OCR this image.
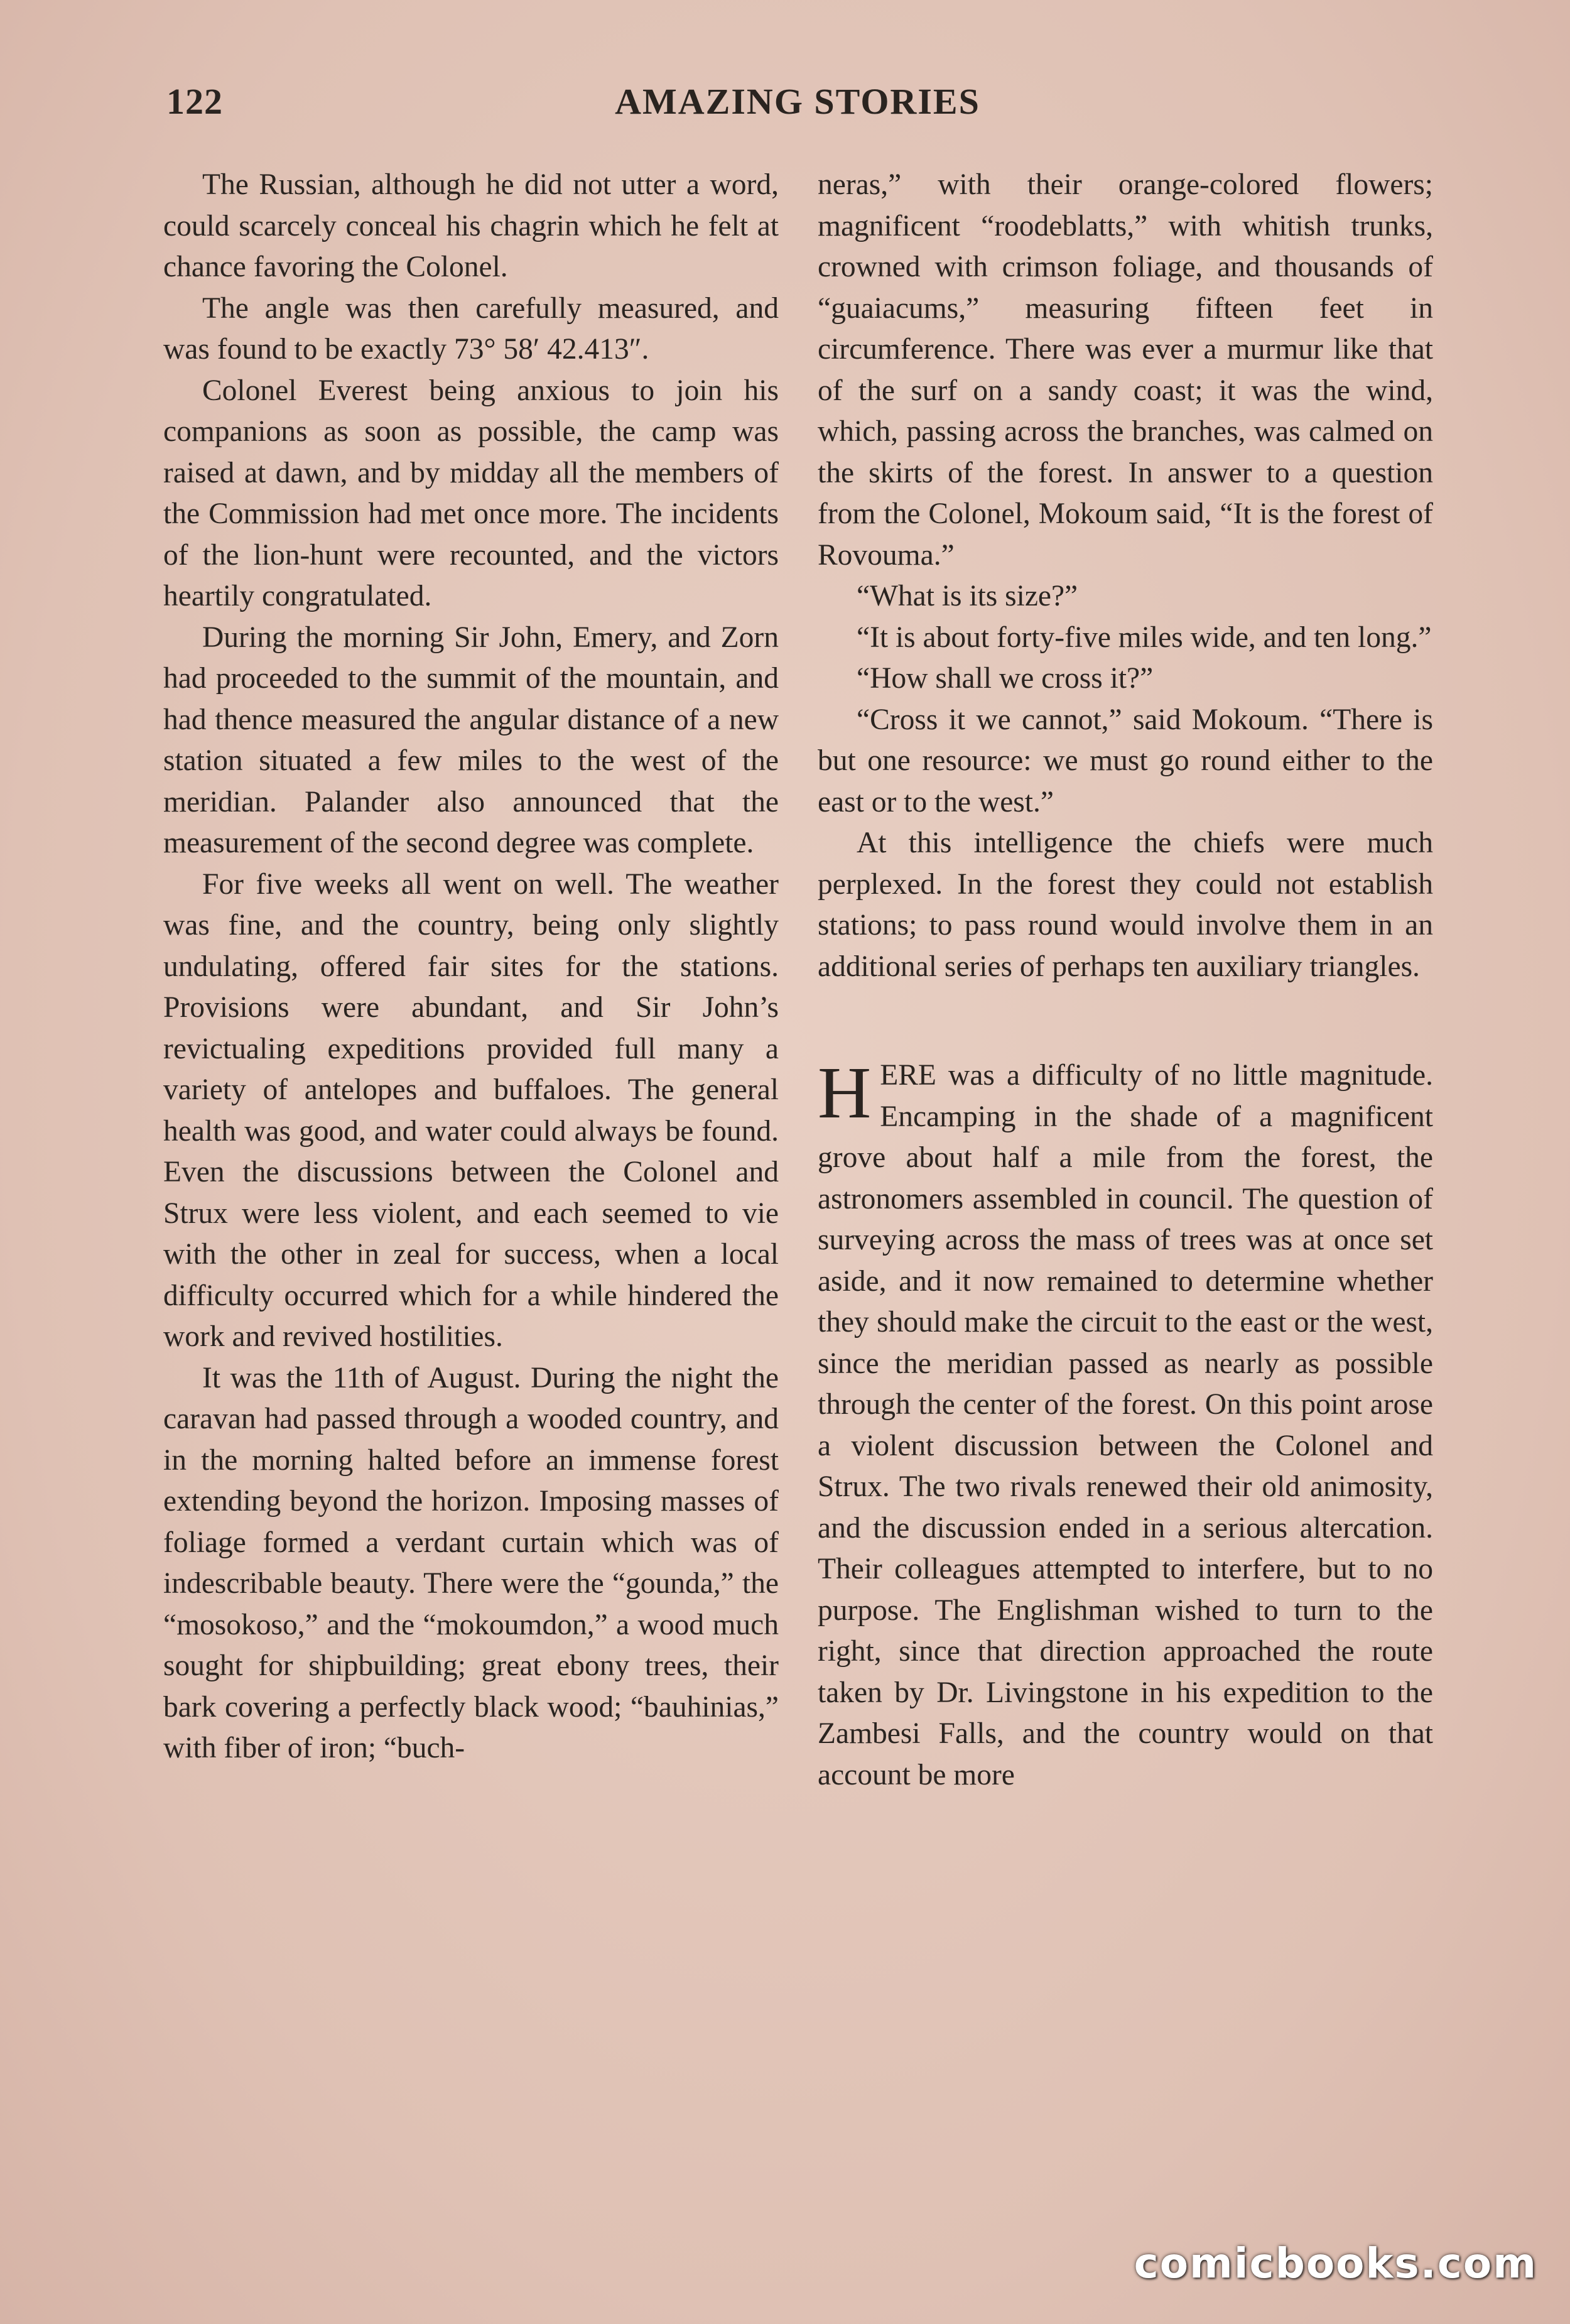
122	AMAZING STORIES

The Russian, although he did not utter a word, could scarcely conceal his chagrin which he felt at chance favoring the Colonel.

The angle was then carefully measured, and was found to be exactly 73° 58′ 42.413″.

Colonel Everest being anxious to join his companions as soon as possible, the camp was raised at dawn, and by midday all the members of the Commission had met once more. The incidents of the lion-hunt were recounted, and the victors heartily congratulated.

During the morning Sir John, Emery, and Zorn had proceeded to the summit of the mountain, and had thence measured the angular distance of a new station situated a few miles to the west of the meridian. Palander also announced that the measurement of the second degree was complete.

For five weeks all went on well. The weather was fine, and the country, being only slightly undulating, offered fair sites for the stations. Provisions were abundant, and Sir John’s revictualing expeditions provided full many a variety of antelopes and buffaloes. The general health was good, and water could always be found. Even the discussions between the Colonel and Strux were less violent, and each seemed to vie with the other in zeal for success, when a local difficulty occurred which for a while hindered the work and revived hostilities.

It was the 11th of August. During the night the caravan had passed through a wooded country, and in the morning halted before an immense forest extending beyond the horizon. Imposing masses of foliage formed a verdant curtain which was of indescribable beauty. There were the “gounda,” the “mosokoso,” and the “mokoumdon,” a wood much sought for shipbuilding; great ebony trees, their bark covering a perfectly black wood; “bauhinias,” with fiber of iron; “buch-

neras,” with their orange-colored flowers; magnificent “roodeblatts,” with whitish trunks, crowned with crimson foliage, and thousands of “guaiacums,” measuring fifteen feet in circumference. There was ever a murmur like that of the surf on a sandy coast; it was the wind, which, passing across the branches, was calmed on the skirts of the forest. In answer to a question from the Colonel, Mokoum said, “It is the forest of Rovouma.”

“What is its size?”

“It is about forty-five miles wide, and ten long.”

“How shall we cross it?”

“Cross it we cannot,” said Mokoum. “There is but one resource: we must go round either to the east or to the west.”

At this intelligence the chiefs were much perplexed. In the forest they could not establish stations; to pass round would involve them in an additional series of perhaps ten auxiliary triangles.

HERE was a difficulty of no little magnitude. Encamping in the shade of a magnificent grove about half a mile from the forest, the astronomers assembled in council. The question of surveying across the mass of trees was at once set aside, and it now remained to determine whether they should make the circuit to the east or the west, since the meridian passed as nearly as possible through the center of the forest. On this point arose a violent discussion between the Colonel and Strux. The two rivals renewed their old animosity, and the discussion ended in a serious altercation. Their colleagues attempted to interfere, but to no purpose. The Englishman wished to turn to the right, since that direction approached the route taken by Dr. Livingstone in his expedition to the Zambesi Falls, and the country would on that account be more

comicbooks.com
